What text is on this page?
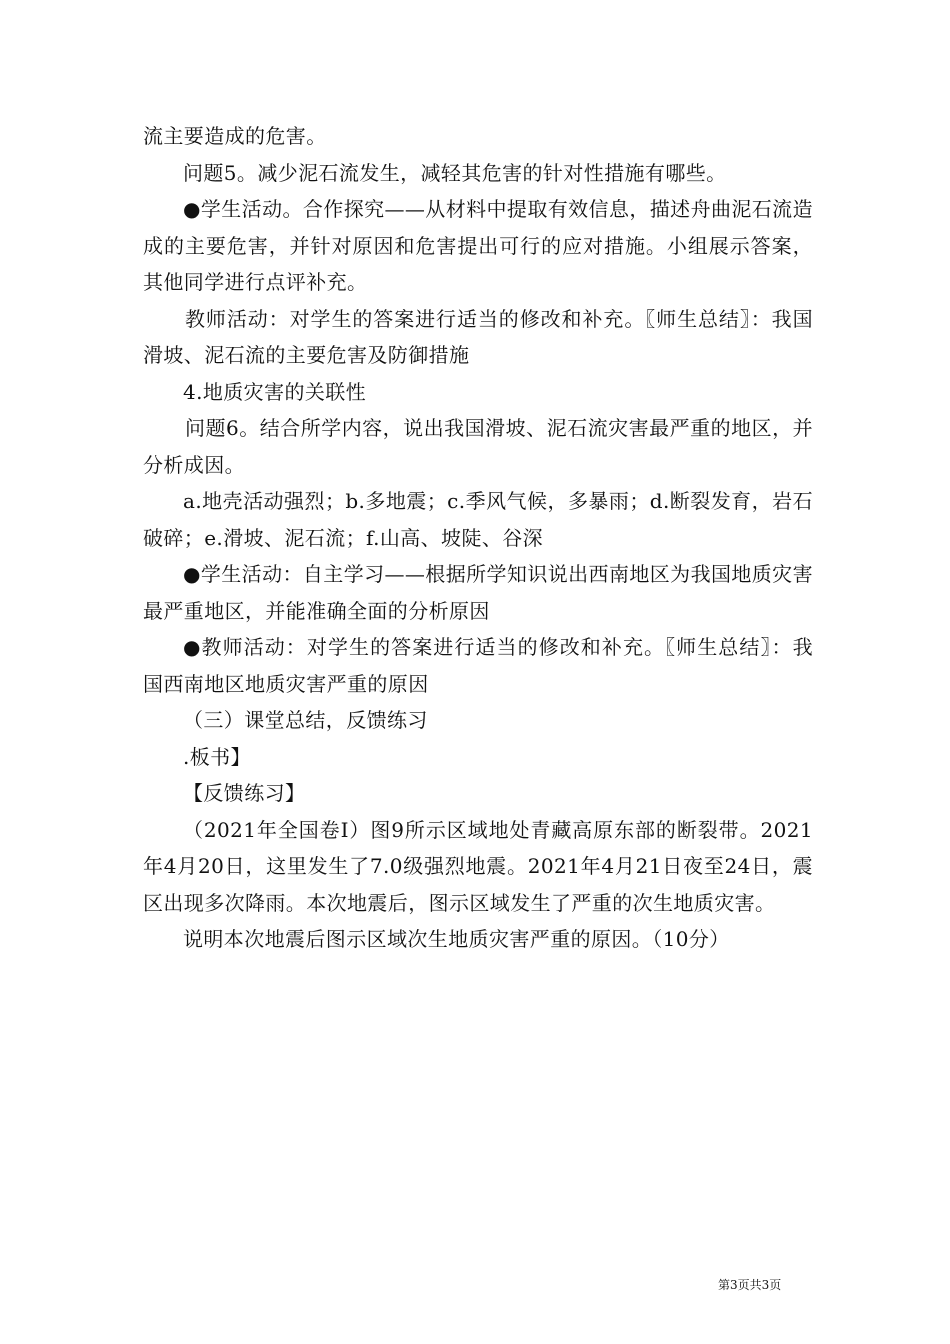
流主要造成的危害。

问题5。减少泥石流发生，减轻其危害的针对性措施有哪些。

●学生活动。合作探究——从材料中提取有效信息，描述舟曲泥石流造成的主要危害，并针对原因和危害提出可行的应对措施。小组展示答案，其他同学进行点评补充。

教师活动：对学生的答案进行适当的修改和补充。〖师生总结〗：我国滑坡、泥石流的主要危害及防御措施

4.地质灾害的关联性

问题6。结合所学内容，说出我国滑坡、泥石流灾害最严重的地区，并分析成因。

a.地壳活动强烈；b.多地震；c.季风气候，多暴雨；d.断裂发育，岩石破碎；e.滑坡、泥石流；f.山高、坡陡、谷深

●学生活动：自主学习——根据所学知识说出西南地区为我国地质灾害最严重地区，并能准确全面的分析原因

●教师活动：对学生的答案进行适当的修改和补充。〖师生总结〗：我国西南地区地质灾害严重的原因

（三）课堂总结，反馈练习

.板书】

【反馈练习】

（2021年全国卷Ⅰ）图9所示区域地处青藏高原东部的断裂带。2021年4月20日，这里发生了7.0级强烈地震。2021年4月21日夜至24日，震区出现多次降雨。本次地震后，图示区域发生了严重的次生地质灾害。

说明本次地震后图示区域次生地质灾害严重的原因。（10分）

第3页共3页
